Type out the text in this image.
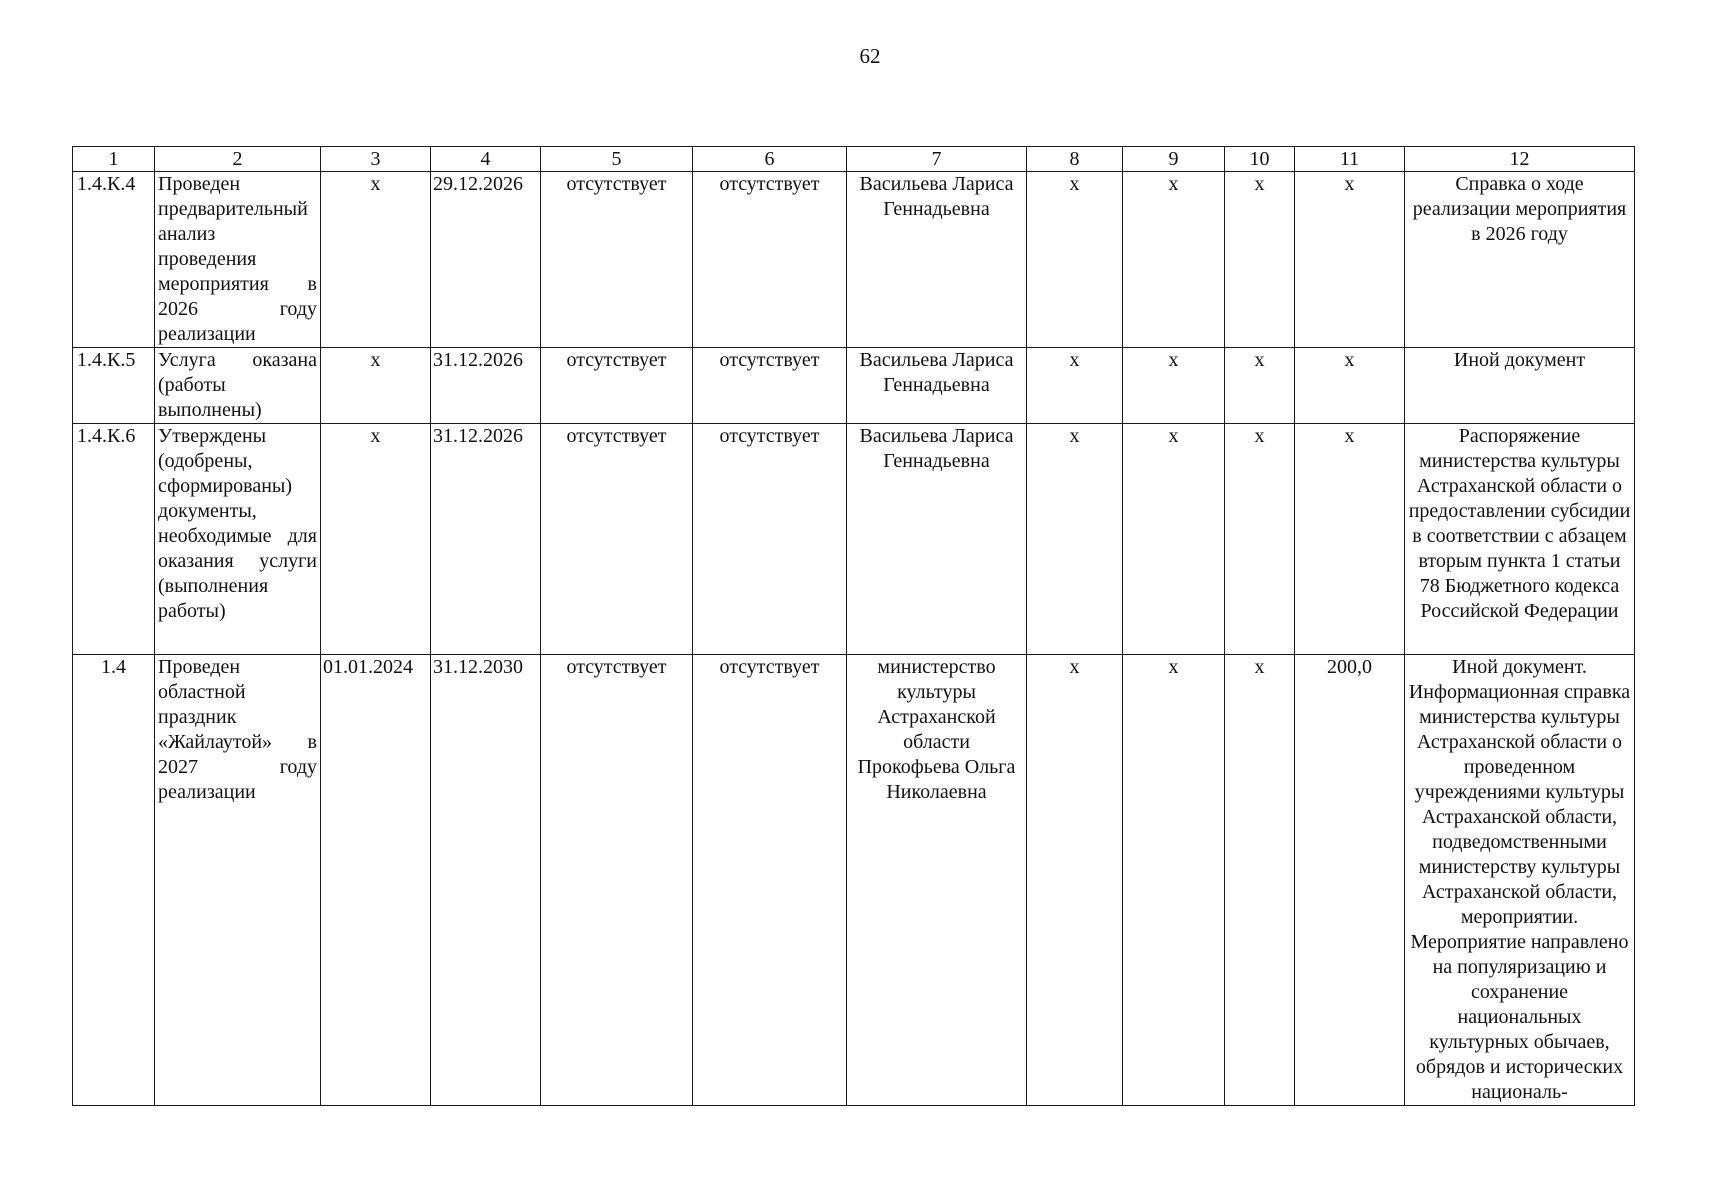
62
1	2	3	4	5	6	7	8	9	10	11	12
1.4.К.4	Проведен предварительный анализ проведения мероприятия в 2026 году реализации	х	29.12.2026	отсутствует	отсутствует	Васильева Лариса Геннадьевна	х	х	х	х	Справка о ходе реализации мероприятия в 2026 году
1.4.К.5	Услуга оказана (работы выполнены)	х	31.12.2026	отсутствует	отсутствует	Васильева Лариса Геннадьевна	х	х	х	х	Иной документ
1.4.К.6	Утверждены (одобрены, сформированы) документы, необходимые для оказания услуги (выполнения работы)	х	31.12.2026	отсутствует	отсутствует	Васильева Лариса Геннадьевна	х	х	х	х	Распоряжение министерства культуры Астраханской области о предоставлении субсидии в соответствии с абзацем вторым пункта 1 статьи 78 Бюджетного кодекса Российской Федерации
1.4	Проведен областной праздник «Жайлаутой» в 2027 году реализации	01.01.2024	31.12.2030	отсутствует	отсутствует	министерство культуры Астраханской области Прокофьева Ольга Николаевна	х	х	х	200,0	Иной документ. Информационная справка министерства культуры Астраханской области о проведенном учреждениями культуры Астраханской области, подведомственными министерству культуры Астраханской области, мероприятии. Мероприятие направлено на популяризацию и сохранение национальных культурных обычаев, обрядов и исторических националь-
